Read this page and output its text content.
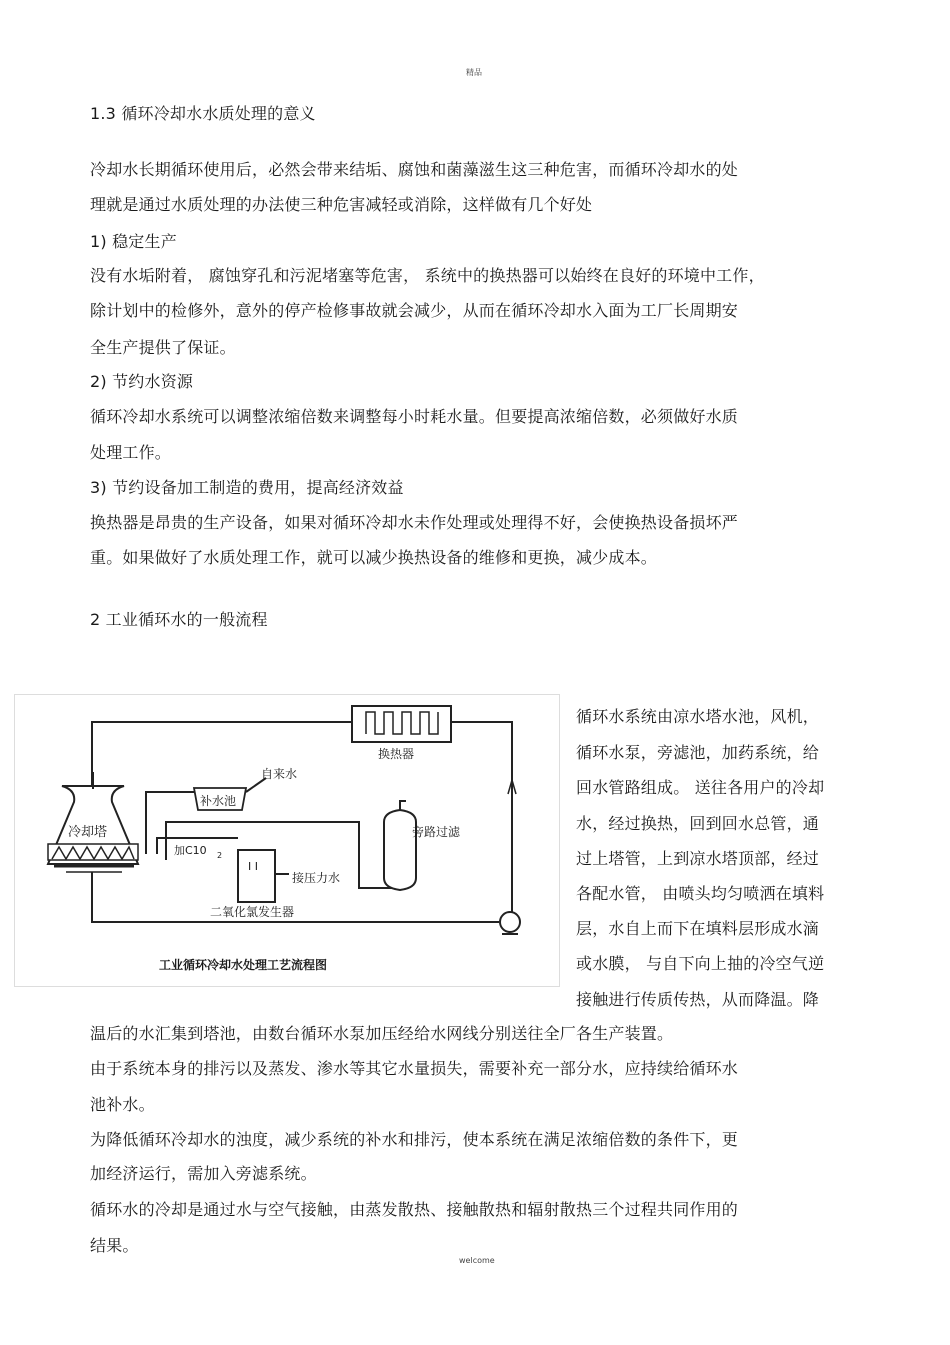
精品
1.3 循环冷却水水质处理的意义
冷却水长期循环使用后，必然会带来结垢、腐蚀和菌藻滋生这三种危害，而循环冷却水的处
理就是通过水质处理的办法使三种危害减轻或消除，这样做有几个好处
1) 稳定生产
没有水垢附着， 腐蚀穿孔和污泥堵塞等危害， 系统中的换热器可以始终在良好的环境中工作，
除计划中的检修外，意外的停产检修事故就会减少，从而在循环冷却水入面为工厂长周期安
全生产提供了保证。
2) 节约水资源
循环冷却水系统可以调整浓缩倍数来调整每小时耗水量。但要提高浓缩倍数，必须做好水质
处理工作。
3) 节约设备加工制造的费用，提高经济效益
换热器是昂贵的生产设备，如果对循环冷却水未作处理或处理得不好，会使换热设备损坏严
重。如果做好了水质处理工作，就可以减少换热设备的维修和更换，减少成本。
2 工业循环水的一般流程
冷却塔
换热器
补水池
自来水
旁路过滤
I I
二氧化氯发生器
接压力水
加C10 2
工业循环冷却水处理工艺流程图
循环水系统由凉水塔水池，风机，
循环水泵，旁滤池，加药系统，给
回水管路组成。 送往各用户的冷却
水，经过换热，回到回水总管，通
过上塔管，上到凉水塔顶部，经过
各配水管， 由喷头均匀喷洒在填料
层，水自上而下在填料层形成水滴
或水膜， 与自下向上抽的冷空气逆
接触进行传质传热，从而降温。降
温后的水汇集到塔池，由数台循环水泵加压经给水网线分别送往全厂各生产装置。
由于系统本身的排污以及蒸发、渗水等其它水量损失，需要补充一部分水，应持续给循环水
池补水。
为降低循环冷却水的浊度，减少系统的补水和排污，使本系统在满足浓缩倍数的条件下，更
加经济运行，需加入旁滤系统。
循环水的冷却是通过水与空气接触，由蒸发散热、接触散热和辐射散热三个过程共同作用的
结果。
welcome
